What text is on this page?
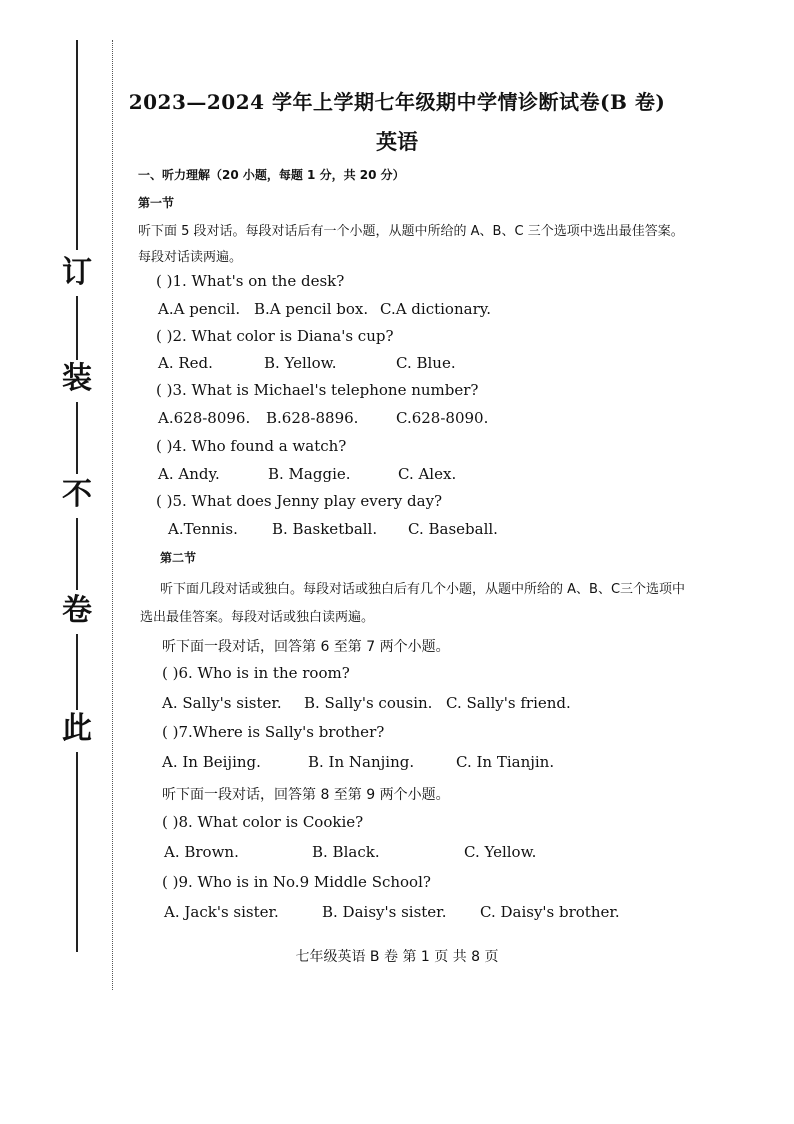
订
装
不
卷
此
2023—2024 学年上学期七年级期中学情诊断试卷(B 卷)
英语
一、听力理解（20 小题，每题 1 分，共 20 分）
第一节
听下面 5 段对话。每段对话后有一个小题，从题中所给的 A、B、C 三个选项中选出最佳答案。
每段对话读两遍。
( )1. What's on the desk?
A.A pencil. B.A pencil box. C.A dictionary.
( )2. What color is Diana's cup?
A. Red.	B. Yellow.	C. Blue.
( )3. What is Michael's telephone number?
A.628-8096. B.628-8896.	C.628-8090.
( )4. Who found a watch?
A. Andy.	B. Maggie.	C. Alex.
( )5. What does Jenny play every day?
A.Tennis. B. Basketball. C. Baseball.
第二节
听下面几段对话或独白。每段对话或独白后有几个小题，从题中所给的 A、B、C三个选项中
选出最佳答案。每段对话或独白读两遍。
听下面一段对话，回答第 6 至第 7 两个小题。
( )6. Who is in the room?
A. Sally's sister. B. Sally's cousin. C. Sally's friend.
( )7.Where is Sally's brother?
A. In Beijing.	B. In Nanjing.	C. In Tianjin.
听下面一段对话，回答第 8 至第 9 两个小题。
( )8. What color is Cookie?
A. Brown.	B. Black.	C. Yellow.
( )9. Who is in No.9 Middle School?
A. Jack's sister.	B. Daisy's sister. C. Daisy's brother.
七年级英语 B 卷 第 1 页 共 8 页
